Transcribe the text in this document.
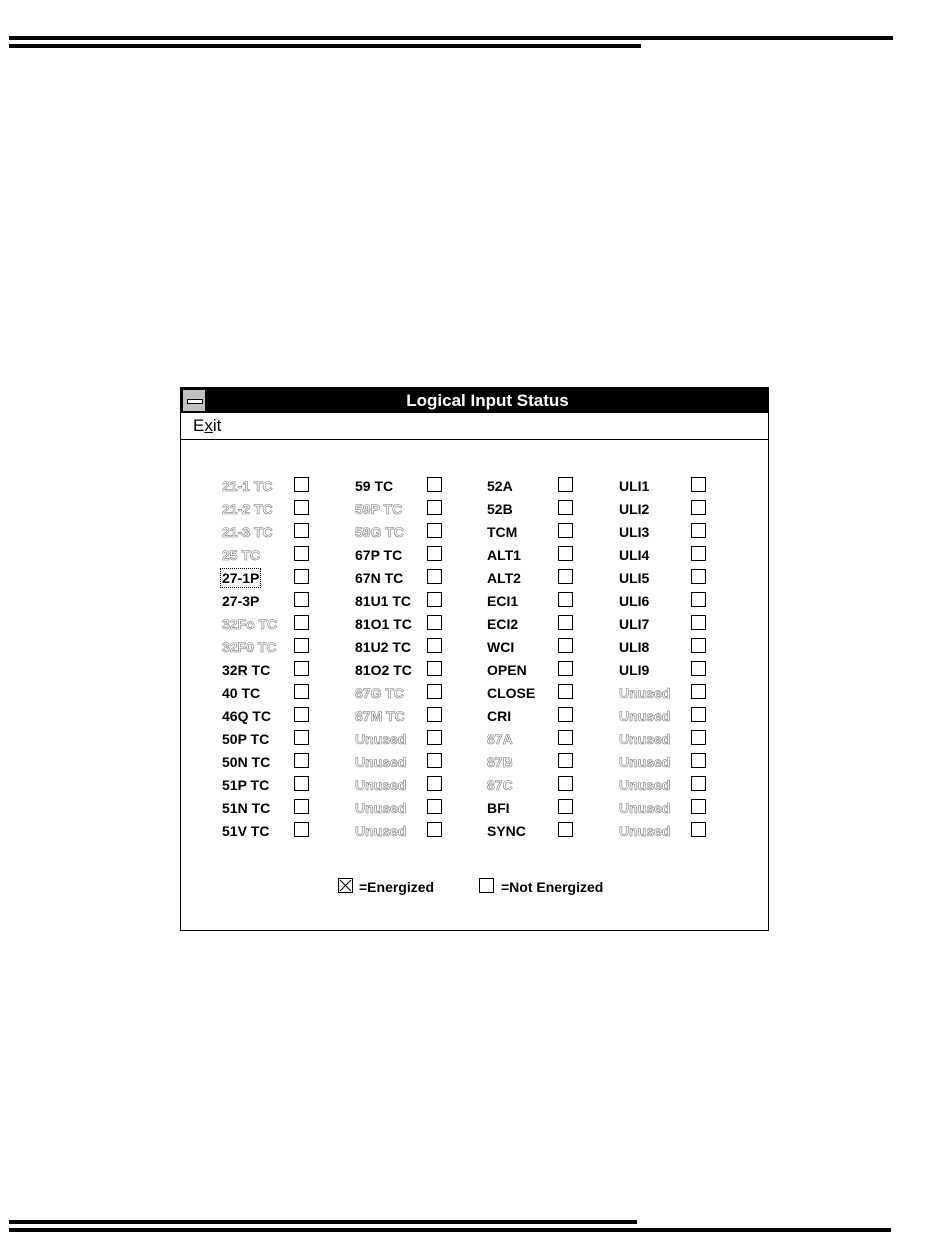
Logical Input Status
Exit
21-1 TC
21-2 TC
21-3 TC
25 TC
27-1P
27-3P
32Fo TC
32F0 TC
32R TC
40 TC
46Q TC
50P TC
50N TC
51P TC
51N TC
51V TC
59 TC
59P TC
59G TC
67P TC
67N TC
81U1 TC
81O1 TC
81U2 TC
81O2 TC
87G TC
87M TC
Unused
Unused
Unused
Unused
Unused
52A
52B
TCM
ALT1
ALT2
ECI1
ECI2
WCI
OPEN
CLOSE
CRI
87A
87B
87C
BFI
SYNC
ULI1
ULI2
ULI3
ULI4
ULI5
ULI6
ULI7
ULI8
ULI9
Unused
Unused
Unused
Unused
Unused
Unused
Unused
=Energized	=Not Energized
